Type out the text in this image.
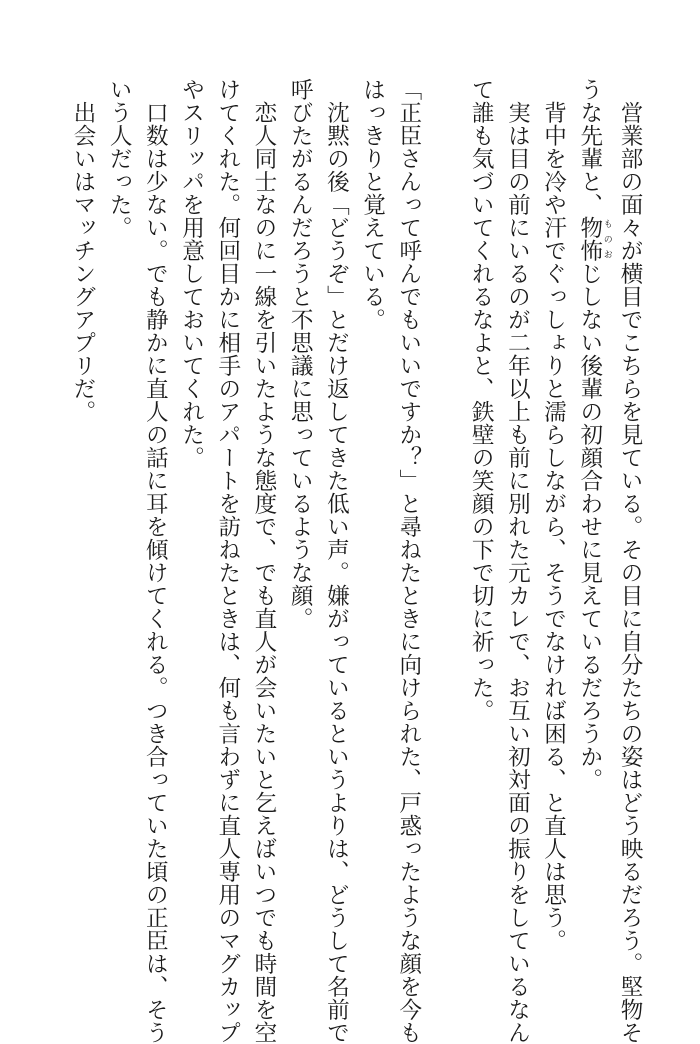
　営業部の面々が横目でこちらを見ている。その目に自分たちの姿はどう映るだろう。堅物そ
うな先輩と、物怖 ものおじしない後輩の初顔合わせに見えているだろうか。
　背中を冷や汗でぐっしょりと濡らしながら、そうでなければ困る、と直人は思う。
　実は目の前にいるのが二年以上も前に別れた元カレで、お互い初対面の振りをしているなん
て誰も気づいてくれるなよと、鉄壁の笑顔の下で切に祈った。

「正臣さんって呼んでもいいですか？」と尋ねたときに向けられた、戸惑ったような顔を今も
はっきりと覚えている。
　沈黙の後「どうぞ」とだけ返してきた低い声。嫌がっているというよりは、どうして名前で
呼びたがるんだろうと不思議に思っているような顔。
　恋人同士なのに一線を引いたような態度で、でも直人が会いたいと乞えばいつでも時間を空
けてくれた。何回目かに相手のアパートを訪ねたときは、何も言わずに直人専用のマグカップ
やスリッパを用意しておいてくれた。
　口数は少ない。でも静かに直人の話に耳を傾けてくれる。つき合っていた頃の正臣は、そう
いう人だった。
　出会いはマッチングアプリだ。
